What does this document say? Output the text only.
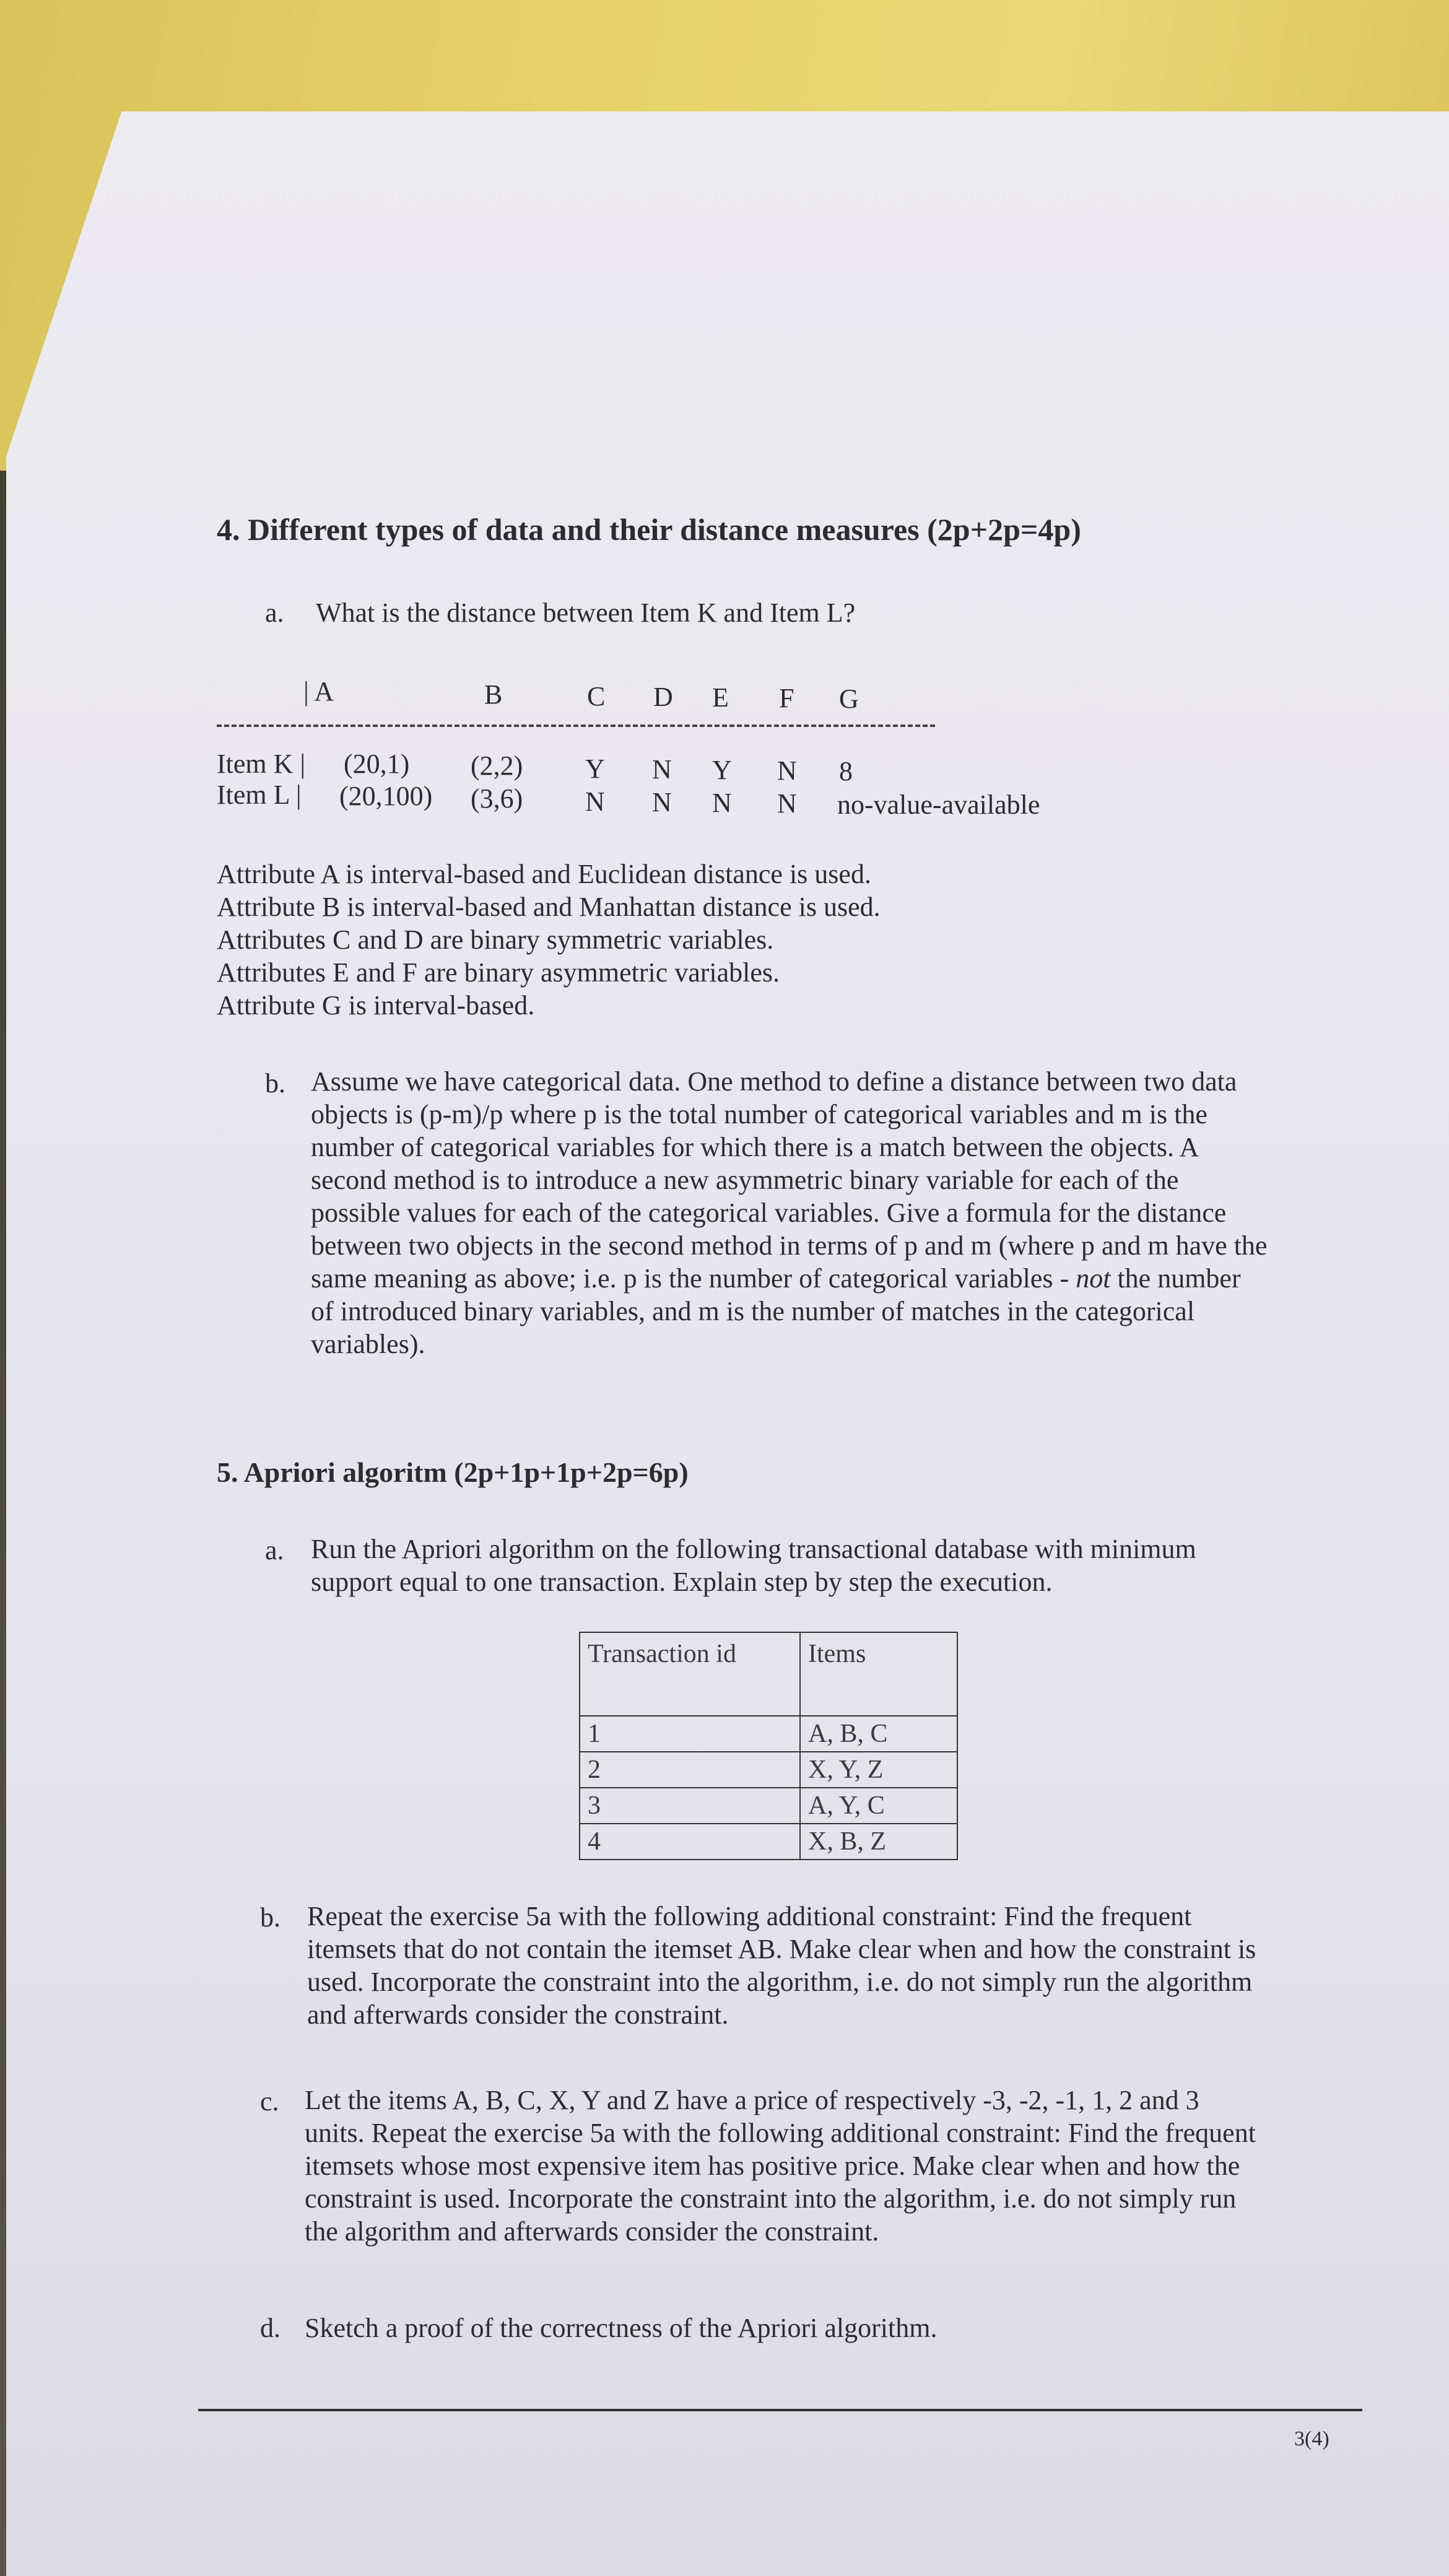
4. Different types of data and their distance measures (2p+2p=4p)
a. What is the distance between Item K and Item L?
| A	B	C D E F G
Item K | (20,1) (2,2) Y N Y N 8
Item L | (20,100) (3,6) N N N N no-value-available
Attribute A is interval-based and Euclidean distance is used.
Attribute B is interval-based and Manhattan distance is used.
Attributes C and D are binary symmetric variables.
Attributes E and F are binary asymmetric variables.
Attribute G is interval-based.
b. Assume we have categorical data. One method to define a distance between two data
objects is (p-m)/p where p is the total number of categorical variables and m is the
number of categorical variables for which there is a match between the objects. A
second method is to introduce a new asymmetric binary variable for each of the
possible values for each of the categorical variables. Give a formula for the distance
between two objects in the second method in terms of p and m (where p and m have the
same meaning as above; i.e. p is the number of categorical variables - not the number
of introduced binary variables, and m is the number of matches in the categorical
variables).
5. Apriori algoritm (2p+1p+1p+2p=6p)
a. Run the Apriori algorithm on the following transactional database with minimum
support equal to one transaction. Explain step by step the execution.
Transaction id	Items
1	A, B, C
2	X, Y, Z
3	A, Y, C
4	X, B, Z
b. Repeat the exercise 5a with the following additional constraint: Find the frequent
itemsets that do not contain the itemset AB. Make clear when and how the constraint is
used. Incorporate the constraint into the algorithm, i.e. do not simply run the algorithm
and afterwards consider the constraint.
c. Let the items A, B, C, X, Y and Z have a price of respectively -3, -2, -1, 1, 2 and 3
units. Repeat the exercise 5a with the following additional constraint: Find the frequent
itemsets whose most expensive item has positive price. Make clear when and how the
constraint is used. Incorporate the constraint into the algorithm, i.e. do not simply run
the algorithm and afterwards consider the constraint.
d. Sketch a proof of the correctness of the Apriori algorithm.
3(4)
